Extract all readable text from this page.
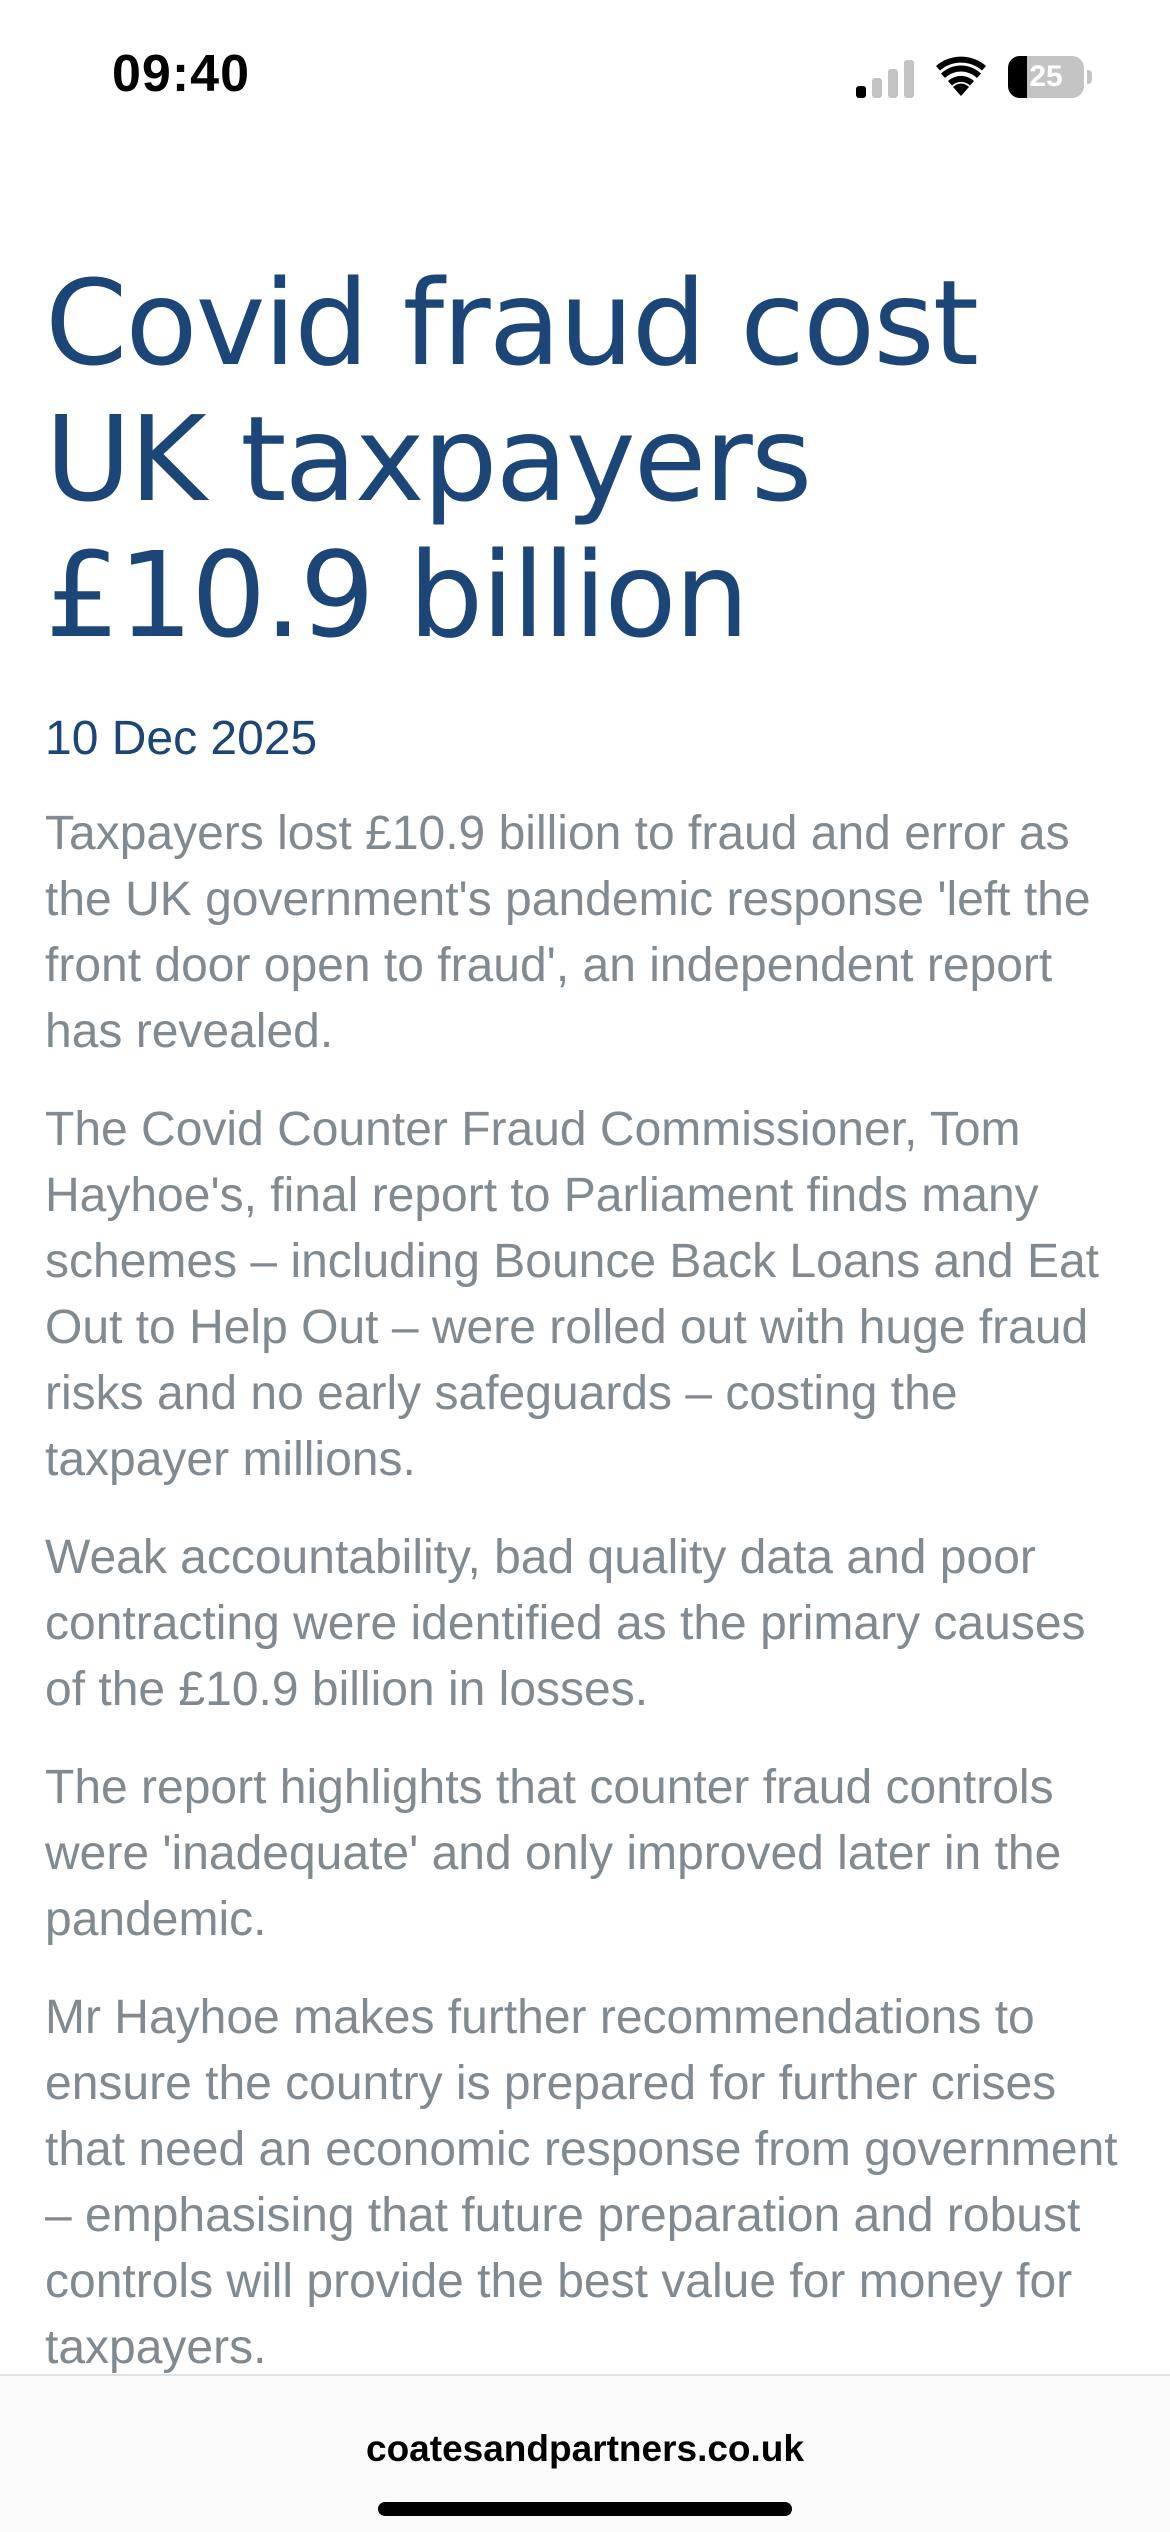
09:40	25
Covid fraud cost UK taxpayers £10.9 billion
10 Dec 2025

Taxpayers lost £10.9 billion to fraud and error as the UK government's pandemic response 'left the front door open to fraud', an independent report has revealed.

The Covid Counter Fraud Commissioner, Tom Hayhoe's, final report to Parliament finds many schemes – including Bounce Back Loans and Eat Out to Help Out – were rolled out with huge fraud risks and no early safeguards – costing the taxpayer millions.

Weak accountability, bad quality data and poor contracting were identified as the primary causes of the £10.9 billion in losses.

The report highlights that counter fraud controls were 'inadequate' and only improved later in the pandemic.

Mr Hayhoe makes further recommendations to ensure the country is prepared for further crises that need an economic response from government – emphasising that future preparation and robust controls will provide the best value for money for taxpayers.

coatesandpartners.co.uk
